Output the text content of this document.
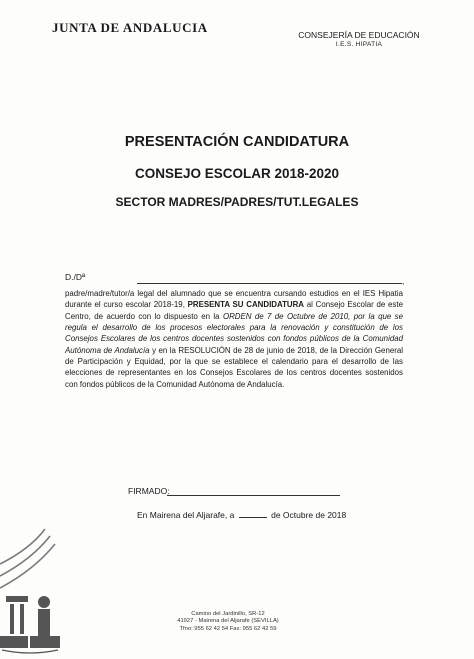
JUNTA DE ANDALUCIA	CONSEJERÍA DE EDUCACIÓN
I.E.S. HIPATIA
PRESENTACIÓN CANDIDATURA
CONSEJO ESCOLAR 2018-2020
SECTOR MADRES/PADRES/TUT.LEGALES
D./Dª	,
padre/madre/tutor/a legal del alumnado que se encuentra cursando estudios en el IES Hipatia durante el curso escolar 2018-19, PRESENTA SU CANDIDATURA al Consejo Escolar de este Centro, de acuerdo con lo dispuesto en la ORDEN de 7 de Octubre de 2010, por la que se regula el desarrollo de los procesos electorales para la renovación y constitución de los Consejos Escolares de los centros docentes sostenidos con fondos públicos de la Comunidad Autónoma de Andalucía y en la RESOLUCIÓN de 28 de junio de 2018, de la Dirección General de Participación y Equidad, por la que se establece el calendario para el desarrollo de las elecciones de representantes en los Consejos Escolares de los centros docentes sostenidos con fondos públicos de la Comunidad Autónoma de Andalucía.
FIRMADO:
En Mairena del Aljarafe, a	de Octubre de 2018
Camino del Jardinillo, SR-12
41927 - Mairena del Aljarafe (SEVILLA)
Tfno: 955 62 42 54 Fax: 955 62 42 59
